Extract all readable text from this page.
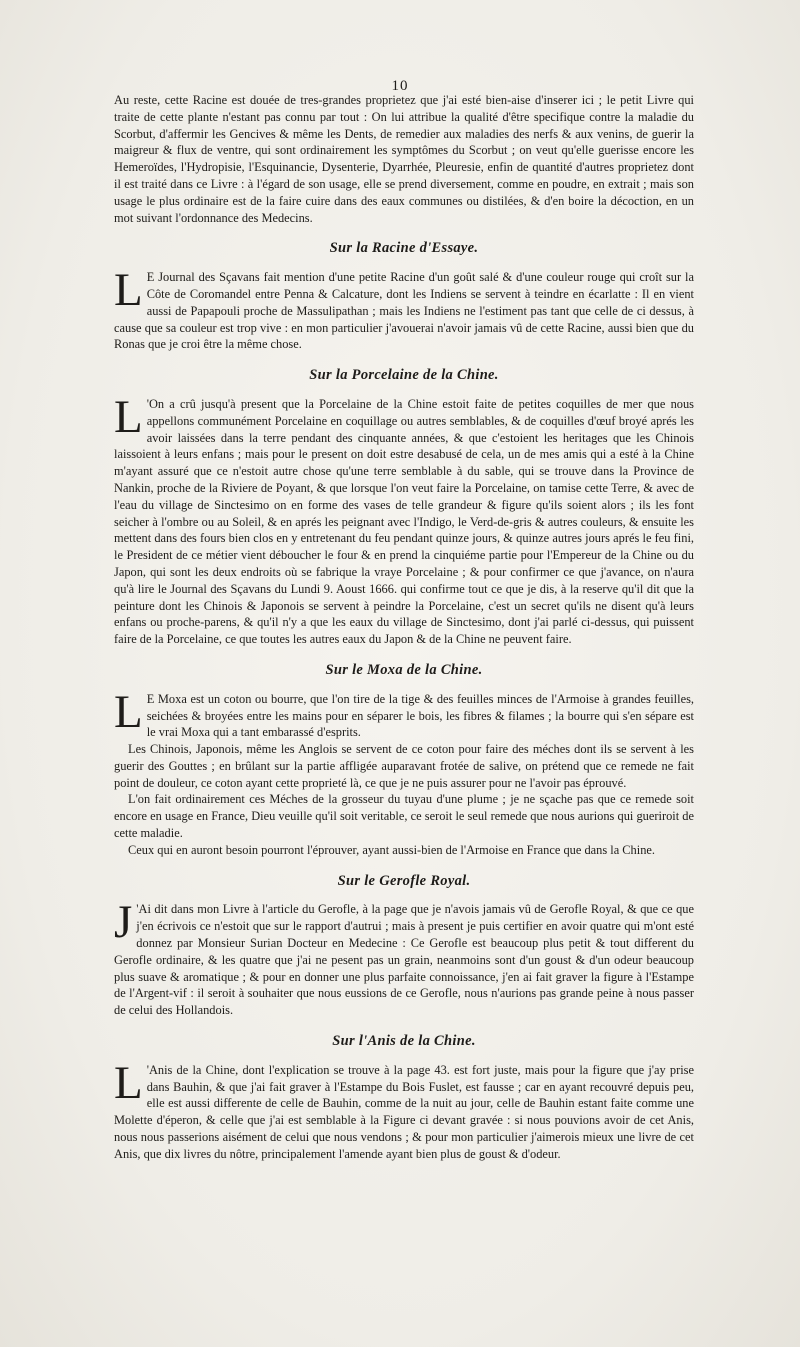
10

Au reste, cette Racine est douée de tres-grandes proprietez que j'ai esté bien-aise d'inserer ici ; le petit Livre qui traite de cette plante n'estant pas connu par tout : On lui attribue la qualité d'être specifique contre la maladie du Scorbut, d'affermir les Gencives & même les Dents, de remedier aux maladies des nerfs & aux venins, de guerir la maigreur & flux de ventre, qui sont ordinairement les symptômes du Scorbut ; on veut qu'elle guerisse encore les Hemeroïdes, l'Hydropisie, l'Esquinancie, Dysenterie, Dyarrhée, Pleuresie, enfin de quantité d'autres proprietez dont il est traité dans ce Livre : à l'égard de son usage, elle se prend diversement, comme en poudre, en extrait ; mais son usage le plus ordinaire est de la faire cuire dans des eaux communes ou distilées, & d'en boire la décoction, en un mot suivant l'ordonnance des Medecins.

Sur la Racine d'Essaye.

L E Journal des Sçavans fait mention d'une petite Racine d'un goût salé & d'une couleur rouge qui croît sur la Côte de Coromandel entre Penna & Calcature, dont les Indiens se servent à teindre en écarlatte : Il en vient aussi de Papapouli proche de Massulipathan ; mais les Indiens ne l'estiment pas tant que celle de ci dessus, à cause que sa couleur est trop vive : en mon particulier j'avouerai n'avoir jamais vû de cette Racine, aussi bien que du Ronas que je croi être la même chose.

Sur la Porcelaine de la Chine.

L 'On a crû jusqu'à present que la Porcelaine de la Chine estoit faite de petites coquilles de mer que nous appellons communément Porcelaine en coquillage ou autres semblables, & de coquilles d'œuf broyé aprés les avoir laissées dans la terre pendant des cinquante années, & que c'estoient les heritages que les Chinois laissoient à leurs enfans ; mais pour le present on doit estre desabusé de cela, un de mes amis qui a esté à la Chine m'ayant assuré que ce n'estoit autre chose qu'une terre semblable à du sable, qui se trouve dans la Province de Nankin, proche de la Riviere de Poyant, & que lorsque l'on veut faire la Porcelaine, on tamise cette Terre, & avec de l'eau du village de Sinctesimo on en forme des vases de telle grandeur & figure qu'ils soient alors ; ils les font seicher à l'ombre ou au Soleil, & en aprés les peignant avec l'Indigo, le Verd-de-gris & autres couleurs, & ensuite les mettent dans des fours bien clos en y entretenant du feu pendant quinze jours, & quinze autres jours aprés le feu fini, le President de ce métier vient déboucher le four & en prend la cinquiéme partie pour l'Empereur de la Chine ou du Japon, qui sont les deux endroits où se fabrique la vraye Porcelaine ; & pour confirmer ce que j'avance, on n'aura qu'à lire le Journal des Sçavans du Lundi 9. Aoust 1666. qui confirme tout ce que je dis, à la reserve qu'il dit que la peinture dont les Chinois & Japonois se servent à peindre la Porcelaine, c'est un secret qu'ils ne disent qu'à leurs enfans ou proche-parens, & qu'il n'y a que les eaux du village de Sinctesimo, dont j'ai parlé ci-dessus, qui puissent faire de la Porcelaine, ce que toutes les autres eaux du Japon & de la Chine ne peuvent faire.

Sur le Moxa de la Chine.

L E Moxa est un coton ou bourre, que l'on tire de la tige & des feuilles minces de l'Armoise à grandes feuilles, seichées & broyées entre les mains pour en séparer le bois, les fibres & filames ; la bourre qui s'en sépare est le vrai Moxa qui a tant embarassé d'esprits.

Les Chinois, Japonois, même les Anglois se servent de ce coton pour faire des méches dont ils se servent à les guerir des Gouttes ; en brûlant sur la partie affligée auparavant frotée de salive, on prétend que ce remede ne fait point de douleur, ce coton ayant cette proprieté là, ce que je ne puis assurer pour ne l'avoir pas éprouvé.

L'on fait ordinairement ces Méches de la grosseur du tuyau d'une plume ; je ne sçache pas que ce remede soit encore en usage en France, Dieu veuille qu'il soit veritable, ce seroit le seul remede que nous aurions qui gueriroit de cette maladie.

Ceux qui en auront besoin pourront l'éprouver, ayant aussi-bien de l'Armoise en France que dans la Chine.

Sur le Gerofle Royal.

J 'Ai dit dans mon Livre à l'article du Gerofle, à la page que je n'avois jamais vû de Gerofle Royal, & que ce que j'en écrivois ce n'estoit que sur le rapport d'autrui ; mais à present je puis certifier en avoir quatre qui m'ont esté donnez par Monsieur Surian Docteur en Medecine : Ce Gerofle est beaucoup plus petit & tout different du Gerofle ordinaire, & les quatre que j'ai ne pesent pas un grain, neanmoins sont d'un goust & d'un odeur beaucoup plus suave & aromatique ; & pour en donner une plus parfaite connoissance, j'en ai fait graver la figure à l'Estampe de l'Argent-vif : il seroit à souhaiter que nous eussions de ce Gerofle, nous n'aurions pas grande peine à nous passer de celui des Hollandois.

Sur l'Anis de la Chine.

L 'Anis de la Chine, dont l'explication se trouve à la page 43. est fort juste, mais pour la figure que j'ay prise dans Bauhin, & que j'ai fait graver à l'Estampe du Bois Fuslet, est fausse ; car en ayant recouvré depuis peu, elle est aussi differente de celle de Bauhin, comme de la nuit au jour, celle de Bauhin estant faite comme une Molette d'éperon, & celle que j'ai est semblable à la Figure ci devant gravée : si nous pouvions avoir de cet Anis, nous nous passerions aisément de celui que nous vendons ; & pour mon particulier j'aimerois mieux une livre de cet Anis, que dix livres du nôtre, principalement l'amende ayant bien plus de goust & d'odeur.
